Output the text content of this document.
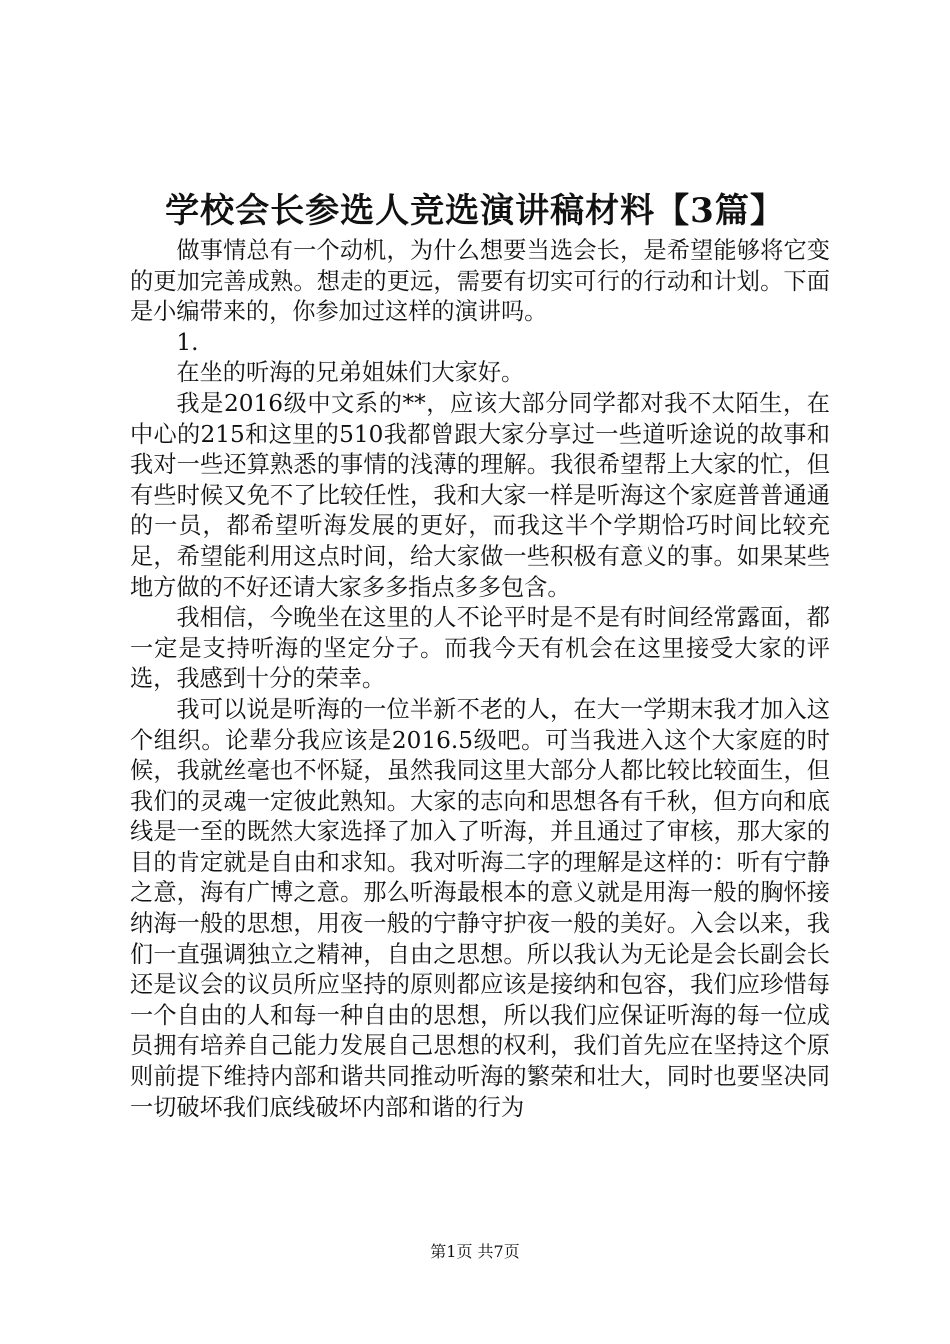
学校会长参选人竞选演讲稿材料【3篇】

做事情总有一个动机，为什么想要当选会长，是希望能够将它变的更加完善成熟。想走的更远，需要有切实可行的行动和计划。下面是小编带来的，你参加过这样的演讲吗。

1.

在坐的听海的兄弟姐妹们大家好。

我是2016级中文系的**，应该大部分同学都对我不太陌生，在中心的215和这里的510我都曾跟大家分享过一些道听途说的故事和我对一些还算熟悉的事情的浅薄的理解。我很希望帮上大家的忙，但有些时候又免不了比较任性，我和大家一样是听海这个家庭普普通通的一员，都希望听海发展的更好，而我这半个学期恰巧时间比较充足，希望能利用这点时间，给大家做一些积极有意义的事。如果某些地方做的不好还请大家多多指点多多包含。

我相信，今晚坐在这里的人不论平时是不是有时间经常露面，都一定是支持听海的坚定分子。而我今天有机会在这里接受大家的评选，我感到十分的荣幸。

我可以说是听海的一位半新不老的人，在大一学期末我才加入这个组织。论辈分我应该是2016.5级吧。可当我进入这个大家庭的时候，我就丝毫也不怀疑，虽然我同这里大部分人都比较比较面生，但我们的灵魂一定彼此熟知。大家的志向和思想各有千秋，但方向和底线是一至的既然大家选择了加入了听海，并且通过了审核，那大家的目的肯定就是自由和求知。我对听海二字的理解是这样的：听有宁静之意，海有广博之意。那么听海最根本的意义就是用海一般的胸怀接纳海一般的思想，用夜一般的宁静守护夜一般的美好。入会以来，我们一直强调独立之精神，自由之思想。所以我认为无论是会长副会长还是议会的议员所应坚持的原则都应该是接纳和包容，我们应珍惜每一个自由的人和每一种自由的思想，所以我们应保证听海的每一位成员拥有培养自己能力发展自己思想的权利，我们首先应在坚持这个原则前提下维持内部和谐共同推动听海的繁荣和壮大，同时也要坚决同一切破坏我们底线破坏内部和谐的行为

第1页 共7页
